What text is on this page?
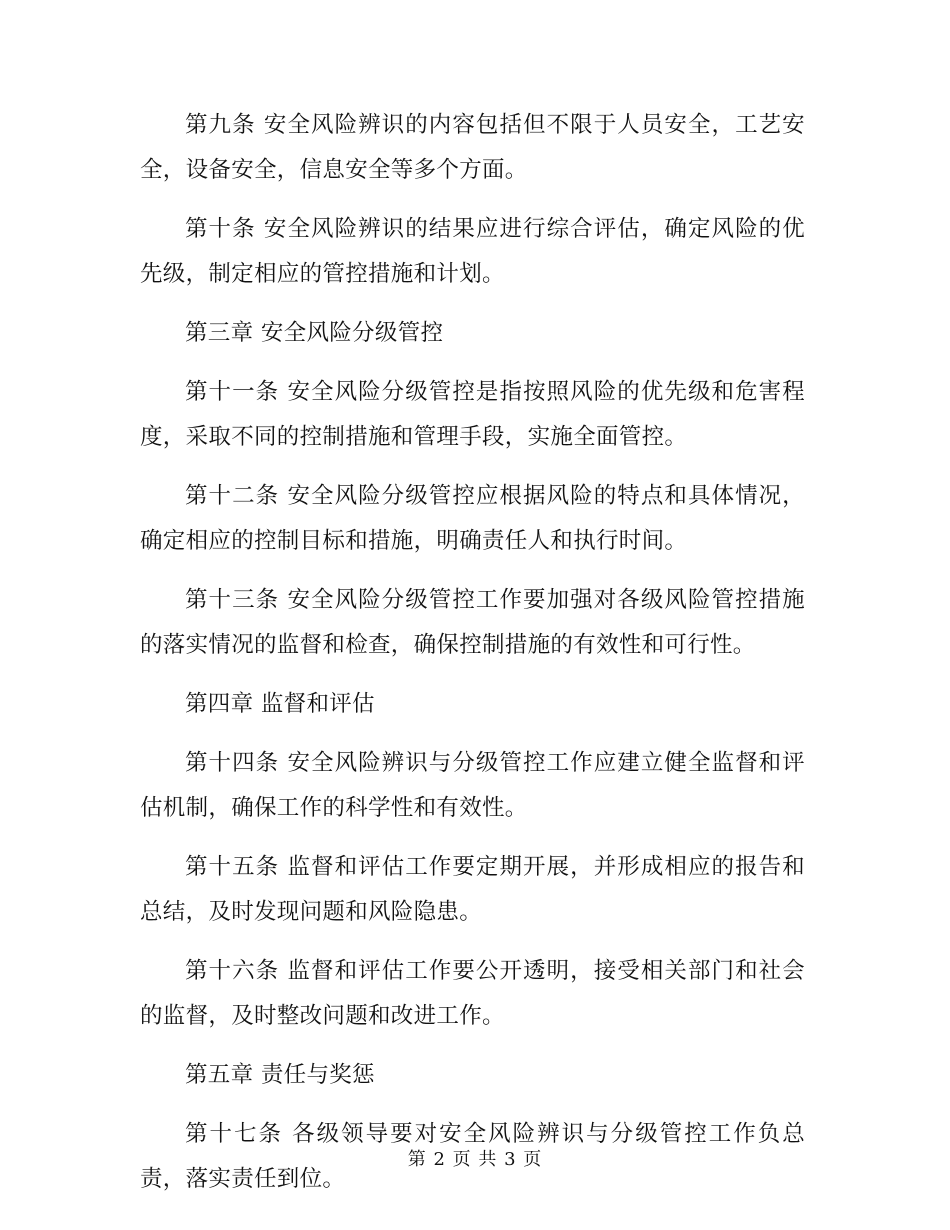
第九条 安全风险辨识的内容包括但不限于人员安全，工艺安全，设备安全，信息安全等多个方面。

第十条 安全风险辨识的结果应进行综合评估，确定风险的优先级，制定相应的管控措施和计划。

第三章 安全风险分级管控

第十一条 安全风险分级管控是指按照风险的优先级和危害程度，采取不同的控制措施和管理手段，实施全面管控。

第十二条 安全风险分级管控应根据风险的特点和具体情况，确定相应的控制目标和措施，明确责任人和执行时间。

第十三条 安全风险分级管控工作要加强对各级风险管控措施的落实情况的监督和检查，确保控制措施的有效性和可行性。

第四章 监督和评估

第十四条 安全风险辨识与分级管控工作应建立健全监督和评估机制，确保工作的科学性和有效性。

第十五条 监督和评估工作要定期开展，并形成相应的报告和总结，及时发现问题和风险隐患。

第十六条 监督和评估工作要公开透明，接受相关部门和社会的监督，及时整改问题和改进工作。

第五章 责任与奖惩

第十七条 各级领导要对安全风险辨识与分级管控工作负总责，落实责任到位。

第 2 页 共 3 页
